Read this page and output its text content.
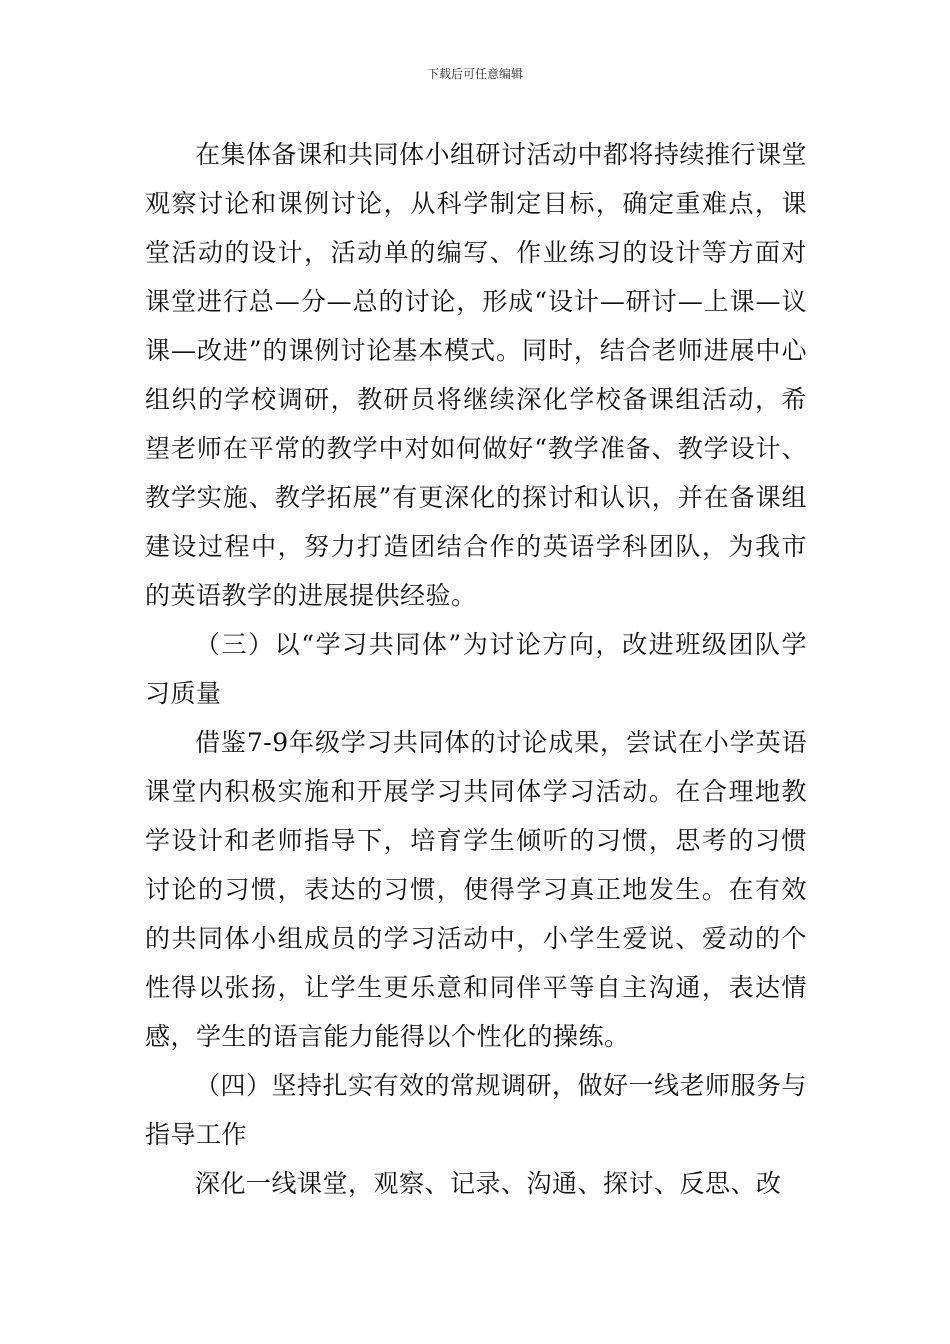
下载后可任意编辑

在集体备课和共同体小组研讨活动中都将持续推行课堂观察讨论和课例讨论，从科学制定目标，确定重难点，课堂活动的设计，活动单的编写、作业练习的设计等方面对课堂进行总—分—总的讨论，形成“设计—研讨—上课—议课—改进”的课例讨论基本模式。同时，结合老师进展中心组织的学校调研，教研员将继续深化学校备课组活动，希望老师在平常的教学中对如何做好“教学准备、教学设计、教学实施、教学拓展”有更深化的探讨和认识，并在备课组建设过程中，努力打造团结合作的英语学科团队，为我市的英语教学的进展提供经验。

（三）以“学习共同体”为讨论方向，改进班级团队学习质量

借鉴7-9年级学习共同体的讨论成果，尝试在小学英语课堂内积极实施和开展学习共同体学习活动。在合理地教学设计和老师指导下，培育学生倾听的习惯，思考的习惯讨论的习惯，表达的习惯，使得学习真正地发生。在有效的共同体小组成员的学习活动中，小学生爱说、爱动的个性得以张扬，让学生更乐意和同伴平等自主沟通，表达情感，学生的语言能力能得以个性化的操练。

（四）坚持扎实有效的常规调研，做好一线老师服务与指导工作

深化一线课堂，观察、记录、沟通、探讨、反思、改
